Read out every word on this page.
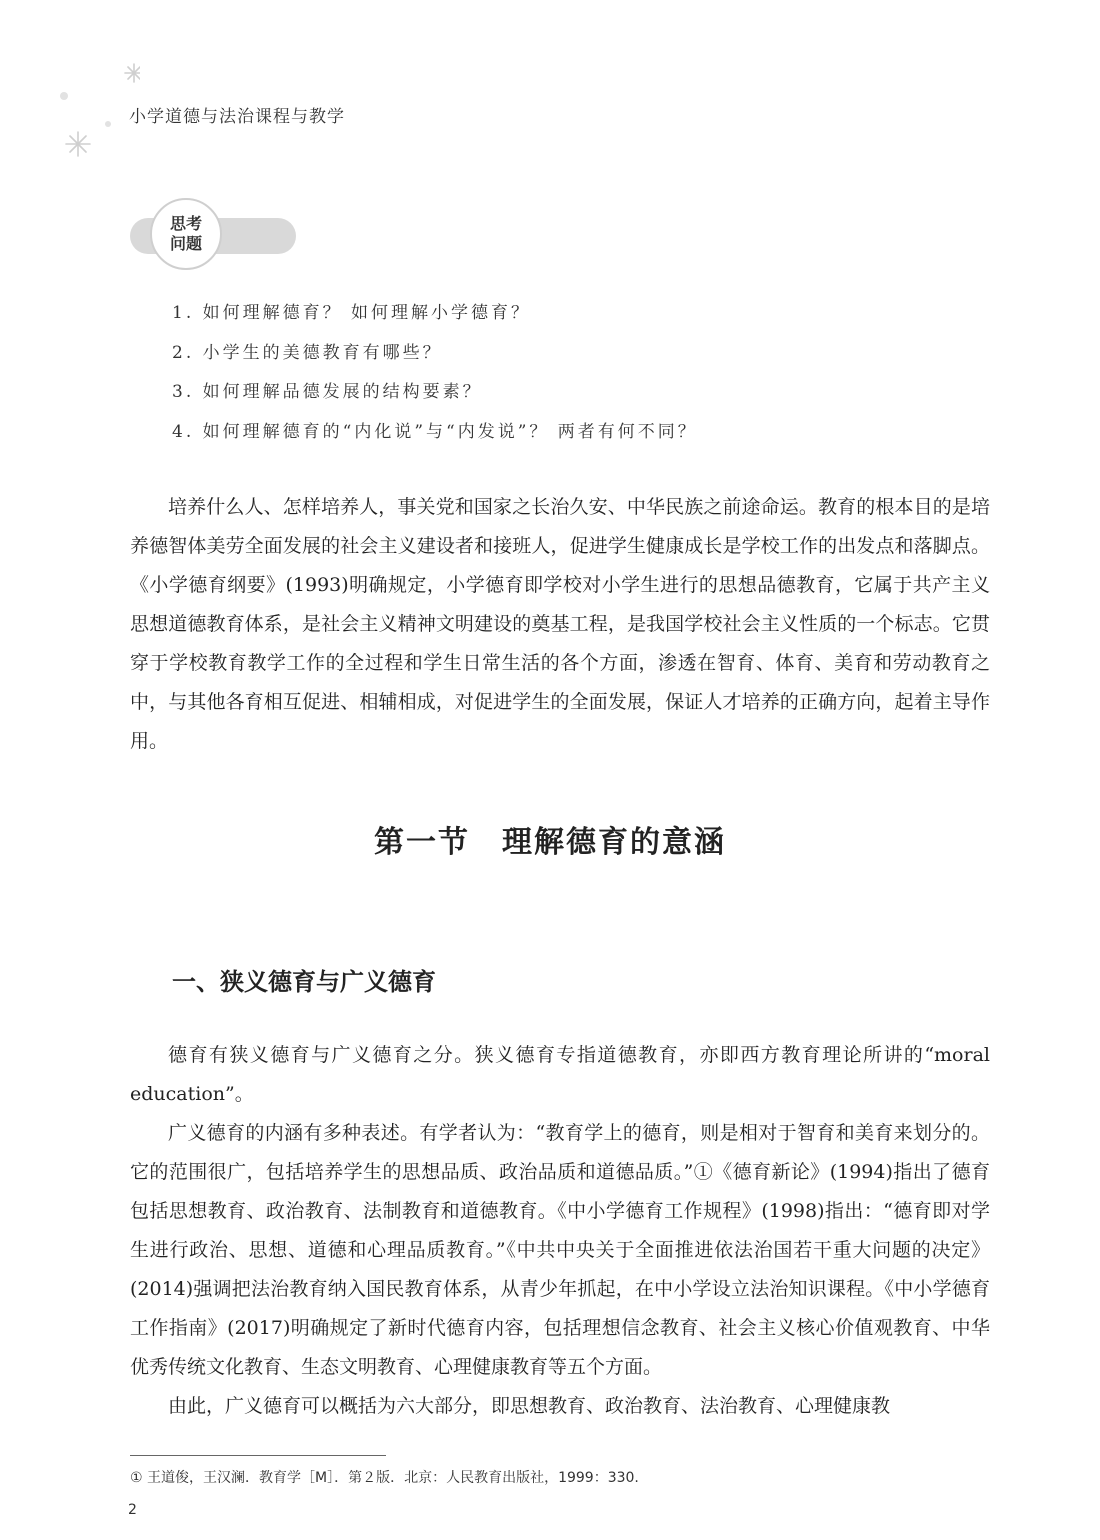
小学道德与法治课程与教学
思考
问题
1. 如何理解德育？ 如何理解小学德育？
2. 小学生的美德教育有哪些？
3. 如何理解品德发展的结构要素？
4. 如何理解德育的“内化说”与“内发说”？ 两者有何不同？

培养什么人、怎样培养人，事关党和国家之长治久安、中华民族之前途命运。教育的根本目的是培养德智体美劳全面发展的社会主义建设者和接班人，促进学生健康成长是学校工作的出发点和落脚点。《小学德育纲要》(1993)明确规定，小学德育即学校对小学生进行的思想品德教育，它属于共产主义思想道德教育体系，是社会主义精神文明建设的奠基工程，是我国学校社会主义性质的一个标志。它贯穿于学校教育教学工作的全过程和学生日常生活的各个方面，渗透在智育、体育、美育和劳动教育之中，与其他各育相互促进、相辅相成，对促进学生的全面发展，保证人才培养的正确方向，起着主导作用。

第一节　理解德育的意涵
一、狭义德育与广义德育

德育有狭义德育与广义德育之分。狭义德育专指道德教育，亦即西方教育理论所讲的“moral education”。

广义德育的内涵有多种表述。有学者认为：“教育学上的德育，则是相对于智育和美育来划分的。它的范围很广，包括培养学生的思想品质、政治品质和道德品质。”①《德育新论》(1994)指出了德育包括思想教育、政治教育、法制教育和道德教育。《中小学德育工作规程》(1998)指出：“德育即对学生进行政治、思想、道德和心理品质教育。”《中共中央关于全面推进依法治国若干重大问题的决定》(2014)强调把法治教育纳入国民教育体系，从青少年抓起，在中小学设立法治知识课程。《中小学德育工作指南》(2017)明确规定了新时代德育内容，包括理想信念教育、社会主义核心价值观教育、中华优秀传统文化教育、生态文明教育、心理健康教育等五个方面。

由此，广义德育可以概括为六大部分，即思想教育、政治教育、法治教育、心理健康教

① 王道俊，王汉澜．教育学［M］．第２版．北京：人民教育出版社，1999：330.
2
